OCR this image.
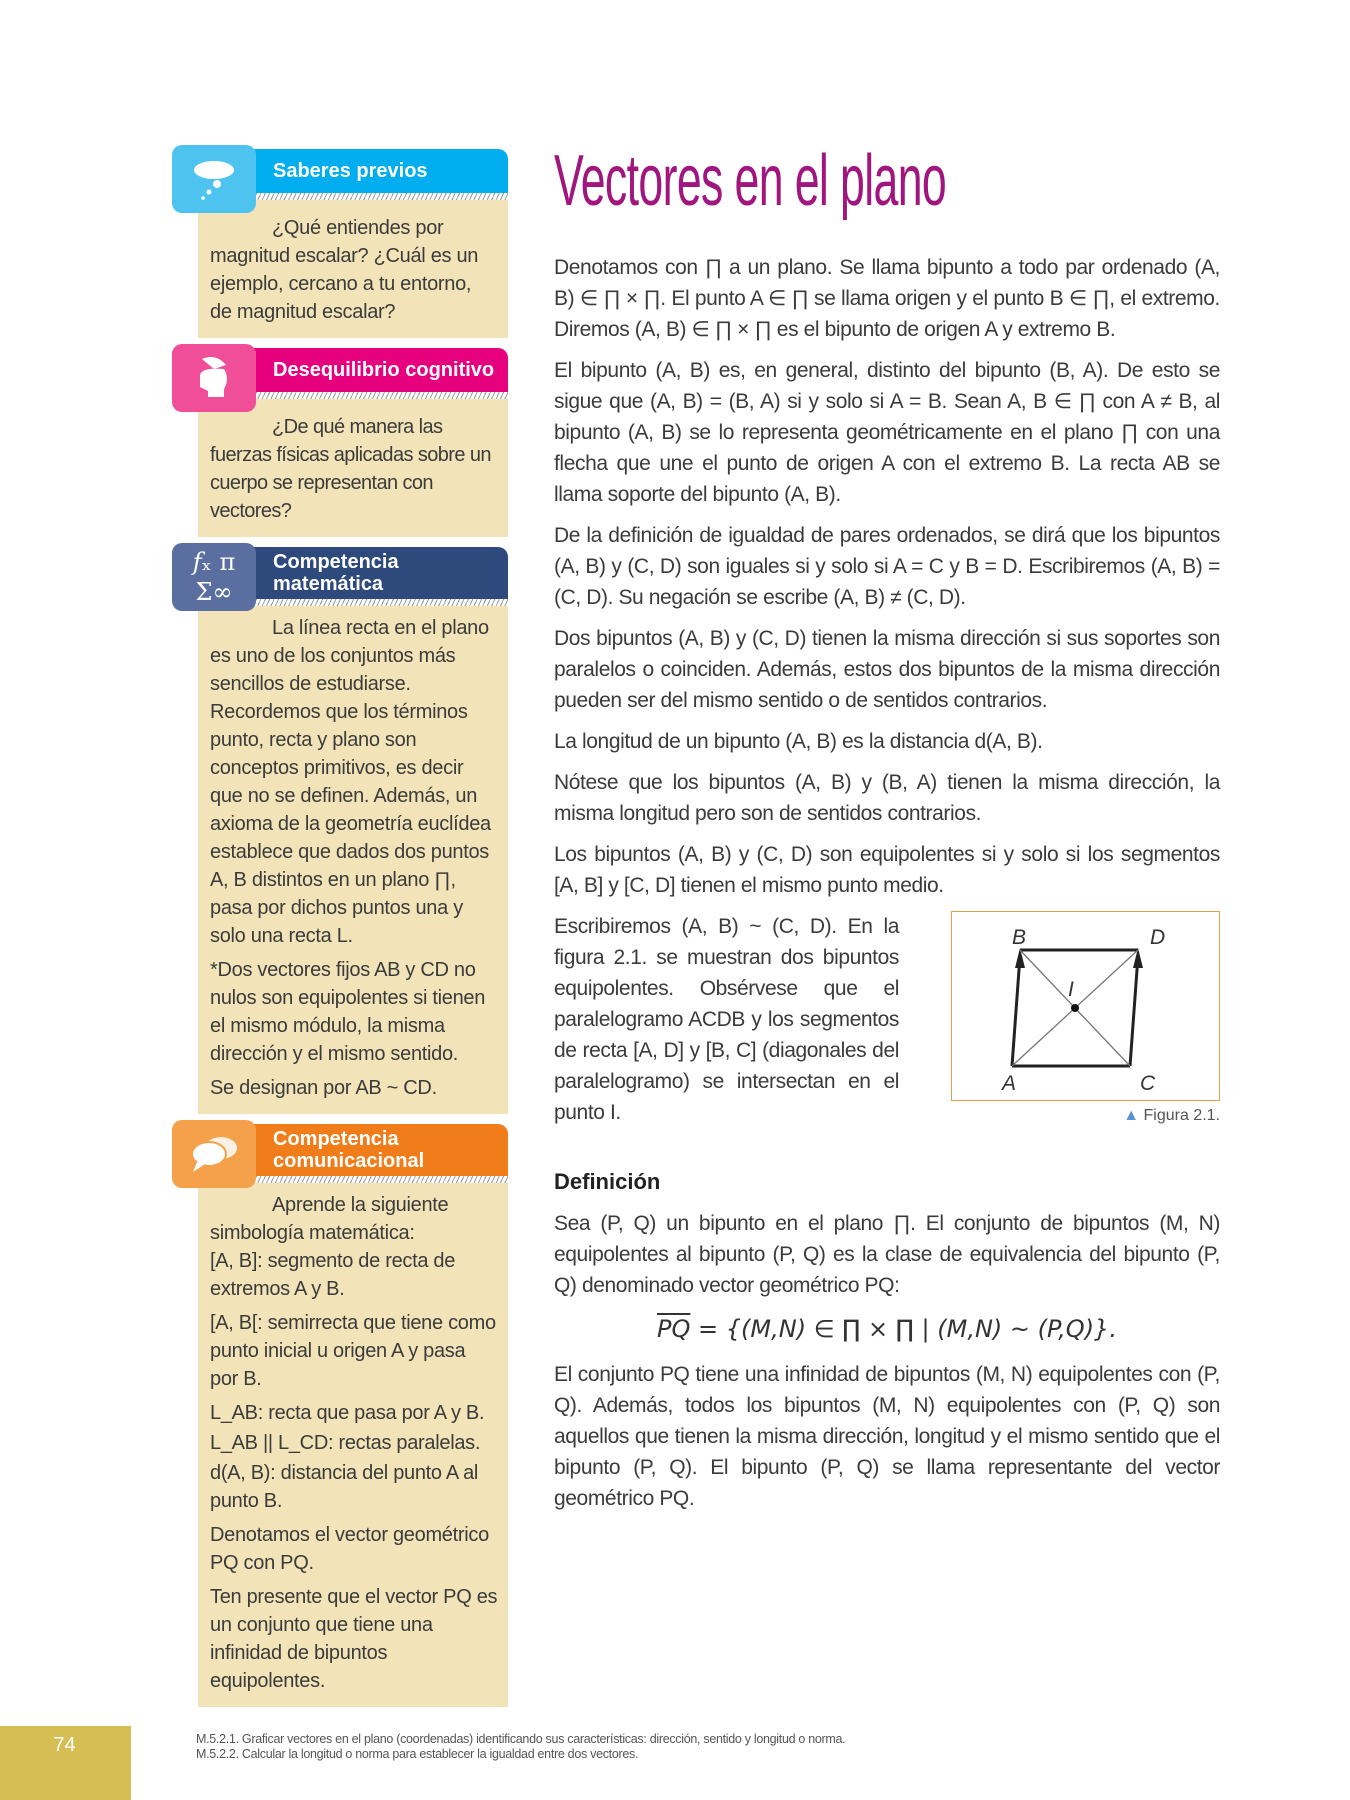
Saberes previos

¿Qué entiendes por magnitud escalar? ¿Cuál es un ejemplo, cercano a tu entorno, de magnitud escalar?

Desequilibrio cognitivo

¿De qué manera las fuerzas físicas aplicadas sobre un cuerpo se representan con vectores?

Competencia
matemática
𝑓ₓ π Σ∞

La línea recta en el plano es uno de los conjuntos más sencillos de estudiarse. Recordemos que los términos punto, recta y plano son conceptos primitivos, es decir que no se definen. Además, un axioma de la geometría euclídea establece que dados dos puntos A, B distintos en un plano ∏, pasa por dichos puntos una y solo una recta L.

*Dos vectores fijos AB y CD no nulos son equipolentes si tienen el mismo módulo, la misma dirección y el mismo sentido.

Se designan por AB ~ CD.

Competencia
comunicacional

Aprende la siguiente simbología matemática:

[A, B]: segmento de recta de extremos A y B.

[A, B[: semirrecta que tiene como punto inicial u origen A y pasa por B.

L_AB: recta que pasa por A y B.

L_AB || L_CD: rectas paralelas.

d(A, B): distancia del punto A al punto B.

Denotamos el vector geométrico PQ con PQ.

Ten presente que el vector PQ es un conjunto que tiene una infinidad de bipuntos equipolentes.

Vectores en el plano

Denotamos con ∏ a un plano. Se llama bipunto a todo par ordenado (A, B) ∈ ∏ × ∏. El punto A ∈ ∏ se llama origen y el punto B ∈ ∏, el extremo. Diremos (A, B) ∈ ∏ × ∏ es el bipunto de origen A y extremo B.

El bipunto (A, B) es, en general, distinto del bipunto (B, A). De esto se sigue que (A, B) = (B, A) si y solo si A = B. Sean A, B ∈ ∏ con A ≠ B, al bipunto (A, B) se lo representa geométricamente en el plano ∏ con una flecha que une el punto de origen A con el extremo B. La recta AB se llama soporte del bipunto (A, B).

De la definición de igualdad de pares ordenados, se dirá que los bipuntos (A, B) y (C, D) son iguales si y solo si A = C y B = D. Escribiremos (A, B) = (C, D). Su negación se escribe (A, B) ≠ (C, D).

Dos bipuntos (A, B) y (C, D) tienen la misma dirección si sus soportes son paralelos o coinciden. Además, estos dos bipuntos de la misma dirección pueden ser del mismo sentido o de sentidos contrarios.

La longitud de un bipunto (A, B) es la distancia d(A, B).

Nótese que los bipuntos (A, B) y (B, A) tienen la misma dirección, la misma longitud pero son de sentidos contrarios.

Los bipuntos (A, B) y (C, D) son equipolentes si y solo si los segmentos [A, B] y [C, D] tienen el mismo punto medio.

Escribiremos (A, B) ~ (C, D). En la figura 2.1. se muestran dos bipuntos equipolentes. Obsérvese que el paralelogramo ACDB y los segmentos de recta [A, D] y [B, C] (diagonales del paralelogramo) se intersectan en el punto I.

B	D
A	C
I
▲ Figura 2.1.
Definición

Sea (P, Q) un bipunto en el plano ∏. El conjunto de bipuntos (M, N) equipolentes al bipunto (P, Q) es la clase de equivalencia del bipunto (P, Q) denominado vector geométrico PQ:

$\overline{PQ} = \{(M,N)$ ∈ ∏ × ∏ | (M,N) ~ (P,Q)}.

El conjunto PQ tiene una infinidad de bipuntos (M, N) equipolentes con (P, Q). Además, todos los bipuntos (M, N) equipolentes con (P, Q) son aquellos que tienen la misma dirección, longitud y el mismo sentido que el bipunto (P, Q). El bipunto (P, Q) se llama representante del vector geométrico PQ.

74	M.5.2.1. Graficar vectores en el plano (coordenadas) identificando sus características: dirección, sentido y longitud o norma.
M.5.2.2. Calcular la longitud o norma para establecer la igualdad entre dos vectores.
